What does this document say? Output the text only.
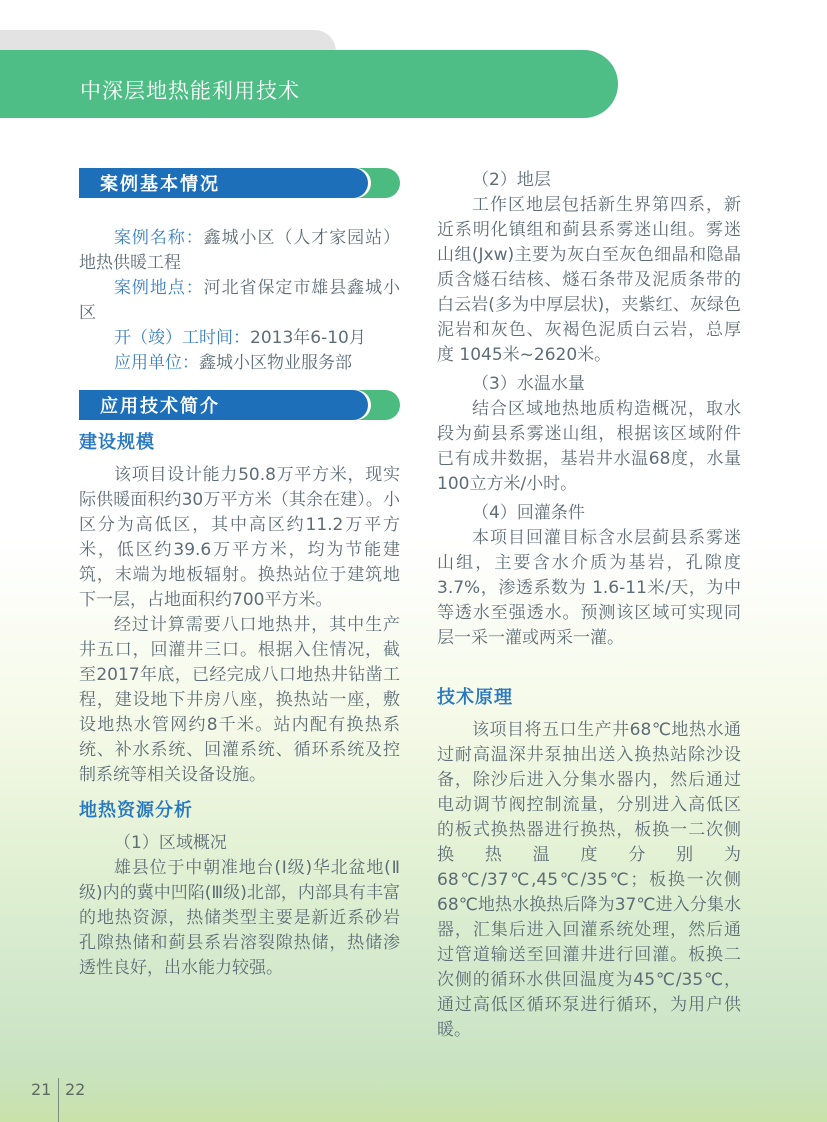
中深层地热能利用技术
案例基本情况

案例名称：鑫城小区（人才家园站）地热供暖工程

案例地点：河北省保定市雄县鑫城小区

开（竣）工时间：2013年6-10月

应用单位：鑫城小区物业服务部

应用技术简介
建设规模

该项目设计能力50.8万平方米，现实际供暖面积约30万平方米（其余在建）。小区分为高低区，其中高区约11.2万平方米，低区约39.6万平方米，均为节能建筑，末端为地板辐射。换热站位于建筑地下一层，占地面积约700平方米。

经过计算需要八口地热井，其中生产井五口，回灌井三口。根据入住情况，截至2017年底，已经完成八口地热井钻凿工程，建设地下井房八座，换热站一座，敷设地热水管网约8千米。站内配有换热系统、补水系统、回灌系统、循环系统及控制系统等相关设备设施。

地热资源分析

（1）区域概况

雄县位于中朝准地台(Ⅰ级)华北盆地(Ⅱ级)内的冀中凹陷(Ⅲ级)北部，内部具有丰富的地热资源，热储类型主要是新近系砂岩孔隙热储和蓟县系岩溶裂隙热储，热储渗透性良好，出水能力较强。

（2）地层

工作区地层包括新生界第四系，新近系明化镇组和蓟县系雾迷山组。雾迷山组(Jxw)主要为灰白至灰色细晶和隐晶质含燧石结核、燧石条带及泥质条带的白云岩(多为中厚层状)，夹紫红、灰绿色泥岩和灰色、灰褐色泥质白云岩，总厚度 1045米~2620米。

（3）水温水量

结合区域地热地质构造概况，取水段为蓟县系雾迷山组，根据该区域附件已有成井数据，基岩井水温68度，水量100立方米/小时。

（4）回灌条件

本项目回灌目标含水层蓟县系雾迷山组，主要含水介质为基岩，孔隙度3.7%，渗透系数为 1.6-11米/天，为中等透水至强透水。预测该区域可实现同层一采一灌或两采一灌。

技术原理

该项目将五口生产井68℃地热水通过耐高温深井泵抽出送入换热站除沙设备，除沙后进入分集水器内，然后通过电动调节阀控制流量，分别进入高低区的板式换热器进行换热，板换一二次侧换热温度分别为68℃/37℃,45℃/35℃；板换一次侧68℃地热水换热后降为37℃进入分集水器，汇集后进入回灌系统处理，然后通过管道输送至回灌井进行回灌。板换二次侧的循环水供回温度为45℃/35℃，通过高低区循环泵进行循环，为用户供暖。

21 22
